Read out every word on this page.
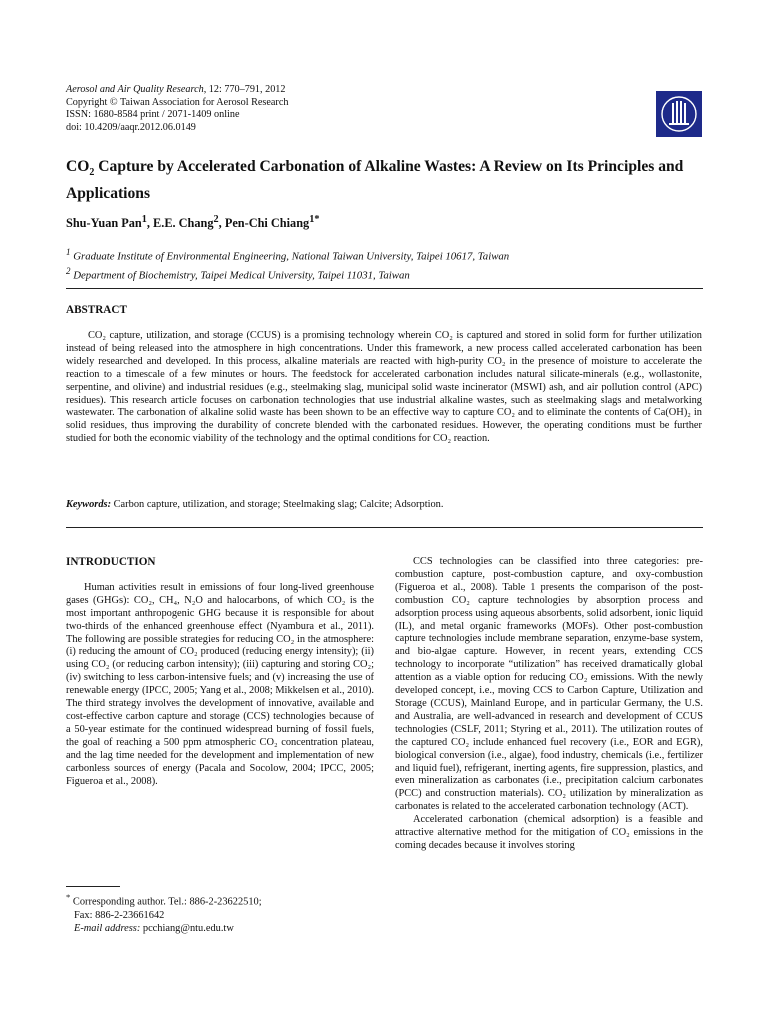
Aerosol and Air Quality Research, 12: 770–791, 2012
Copyright © Taiwan Association for Aerosol Research
ISSN: 1680-8584 print / 2071-1409 online
doi: 10.4209/aaqr.2012.06.0149
$CO_2$ Capture by Accelerated Carbonation of Alkaline Wastes: A Review on Its Principles and Applications
Shu-Yuan Pan$^1$, E.E. Chang$^2$, Pen-Chi Chiang$^{1*}$
$^1$ Graduate Institute of Environmental Engineering, National Taiwan University, Taipei 10617, Taiwan
$^2$ Department of Biochemistry, Taipei Medical University, Taipei 11031, Taiwan
ABSTRACT

CO₂ capture, utilization, and storage (CCUS) is a promising technology wherein CO₂ is captured and stored in solid form for further utilization instead of being released into the atmosphere in high concentrations. Under this framework, a new process called accelerated carbonation has been widely researched and developed. In this process, alkaline materials are reacted with high-purity CO₂ in the presence of moisture to accelerate the reaction to a timescale of a few minutes or hours. The feedstock for accelerated carbonation includes natural silicate-minerals (e.g., wollastonite, serpentine, and olivine) and industrial residues (e.g., steelmaking slag, municipal solid waste incinerator (MSWI) ash, and air pollution control (APC) residues). This research article focuses on carbonation technologies that use industrial alkaline wastes, such as steelmaking slags and metalworking wastewater. The carbonation of alkaline solid waste has been shown to be an effective way to capture CO₂ and to eliminate the contents of Ca(OH)₂ in solid residues, thus improving the durability of concrete blended with the carbonated residues. However, the operating conditions must be further studied for both the economic viability of the technology and the optimal conditions for CO₂ reaction.

Keywords: Carbon capture, utilization, and storage; Steelmaking slag; Calcite; Adsorption.
INTRODUCTION

Human activities result in emissions of four long-lived greenhouse gases (GHGs): CO₂, CH₄, N₂O and halocarbons, of which CO₂ is the most important anthropogenic GHG because it is responsible for about two-thirds of the enhanced greenhouse effect (Nyambura et al., 2011). The following are possible strategies for reducing CO₂ in the atmosphere: (i) reducing the amount of CO₂ produced (reducing energy intensity); (ii) using CO₂ (or reducing carbon intensity); (iii) capturing and storing CO₂; (iv) switching to less carbon-intensive fuels; and (v) increasing the use of renewable energy (IPCC, 2005; Yang et al., 2008; Mikkelsen et al., 2010). The third strategy involves the development of innovative, available and cost-effective carbon capture and storage (CCS) technologies because of a 50-year estimate for the continued widespread burning of fossil fuels, the goal of reaching a 500 ppm atmospheric CO₂ concentration plateau, and the lag time needed for the development and implementation of new carbonless sources of energy (Pacala and Socolow, 2004; IPCC, 2005; Figueroa et al., 2008).

CCS technologies can be classified into three categories: pre-combustion capture, post-combustion capture, and oxy-combustion (Figueroa et al., 2008). Table 1 presents the comparison of the post-combustion CO₂ capture technologies by absorption process and adsorption process using aqueous absorbents, solid adsorbent, ionic liquid (IL), and metal organic frameworks (MOFs). Other post-combustion capture technologies include membrane separation, enzyme-base system, and bio-algae capture. However, in recent years, extending CCS technology to incorporate “utilization” has received dramatically global attention as a viable option for reducing CO₂ emissions. With the newly developed concept, i.e., moving CCS to Carbon Capture, Utilization and Storage (CCUS), Mainland Europe, and in particular Germany, the U.S. and Australia, are well-advanced in research and development of CCUS technologies (CSLF, 2011; Styring et al., 2011). The utilization routes of the captured CO₂ include enhanced fuel recovery (i.e., EOR and EGR), biological conversion (i.e., algae), food industry, chemicals (i.e., fertilizer and liquid fuel), refrigerant, inerting agents, fire suppression, plastics, and even mineralization as carbonates (i.e., precipitation calcium carbonates (PCC) and construction materials). CO₂ utilization by mineralization as carbonates is related to the accelerated carbonation technology (ACT).

Accelerated carbonation (chemical adsorption) is a feasible and attractive alternative method for the mitigation of CO₂ emissions in the coming decades because it involves storing

* Corresponding author. Tel.: 886-2-23622510;
Fax: 886-2-23661642
E-mail address: pcchiang@ntu.edu.tw
